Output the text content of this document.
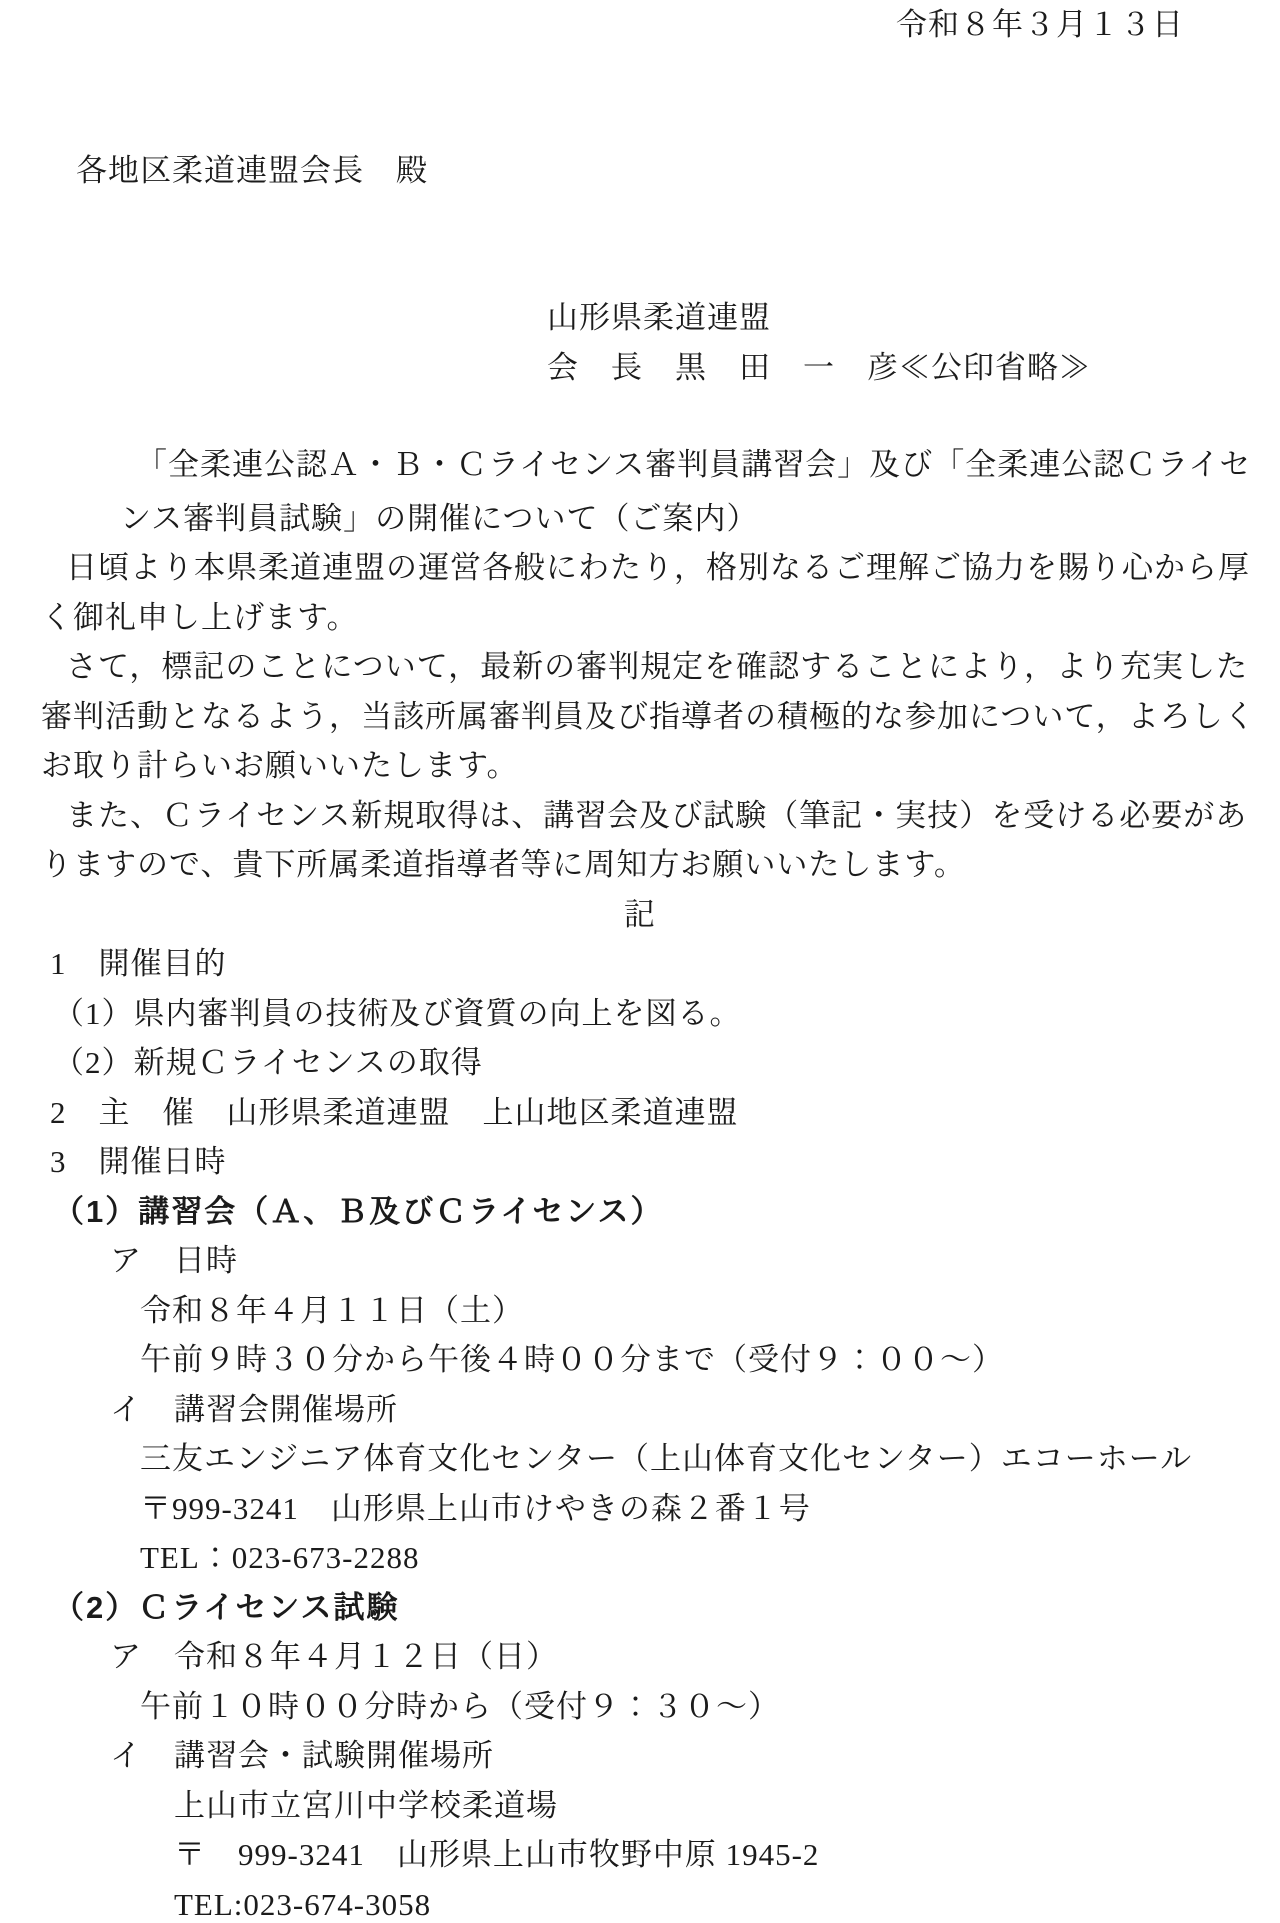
令和８年３月１３日
各地区柔道連盟会長　殿
山形県柔道連盟
会　長　黒　田　一　彦≪公印省略≫
「全柔連公認Ａ・Ｂ・Ｃライセンス審判員講習会」及び「全柔連公認Ｃライセ
ンス審判員試験」の開催について（ご案内）
日頃より本県柔道連盟の運営各般にわたり，格別なるご理解ご協力を賜り心から厚
く御礼申し上げます。
さて，標記のことについて，最新の審判規定を確認することにより，より充実した
審判活動となるよう，当該所属審判員及び指導者の積極的な参加について，よろしく
お取り計らいお願いいたします。
また、Ｃライセンス新規取得は、講習会及び試験（筆記・実技）を受ける必要があ
りますので、貴下所属柔道指導者等に周知方お願いいたします。
記
1　開催目的
（1）県内審判員の技術及び資質の向上を図る。
（2）新規Ｃライセンスの取得
2　主　催　山形県柔道連盟　上山地区柔道連盟
3　開催日時
（1）講習会（Ａ、Ｂ及びＣライセンス）
ア　日時
令和８年４月１１日（土）
午前９時３０分から午後４時００分まで（受付９：００～）
イ　講習会開催場所
三友エンジニア体育文化センター（上山体育文化センター）エコーホール
〒999-3241　山形県上山市けやきの森２番１号
TEL：023-673-2288
（2）Ｃライセンス試験
ア　令和８年４月１２日（日）
午前１０時００分時から（受付９：３０～）
イ　講習会・試験開催場所
上山市立宮川中学校柔道場
〒　999-3241　山形県上山市牧野中原 1945-2
TEL:023-674-3058
